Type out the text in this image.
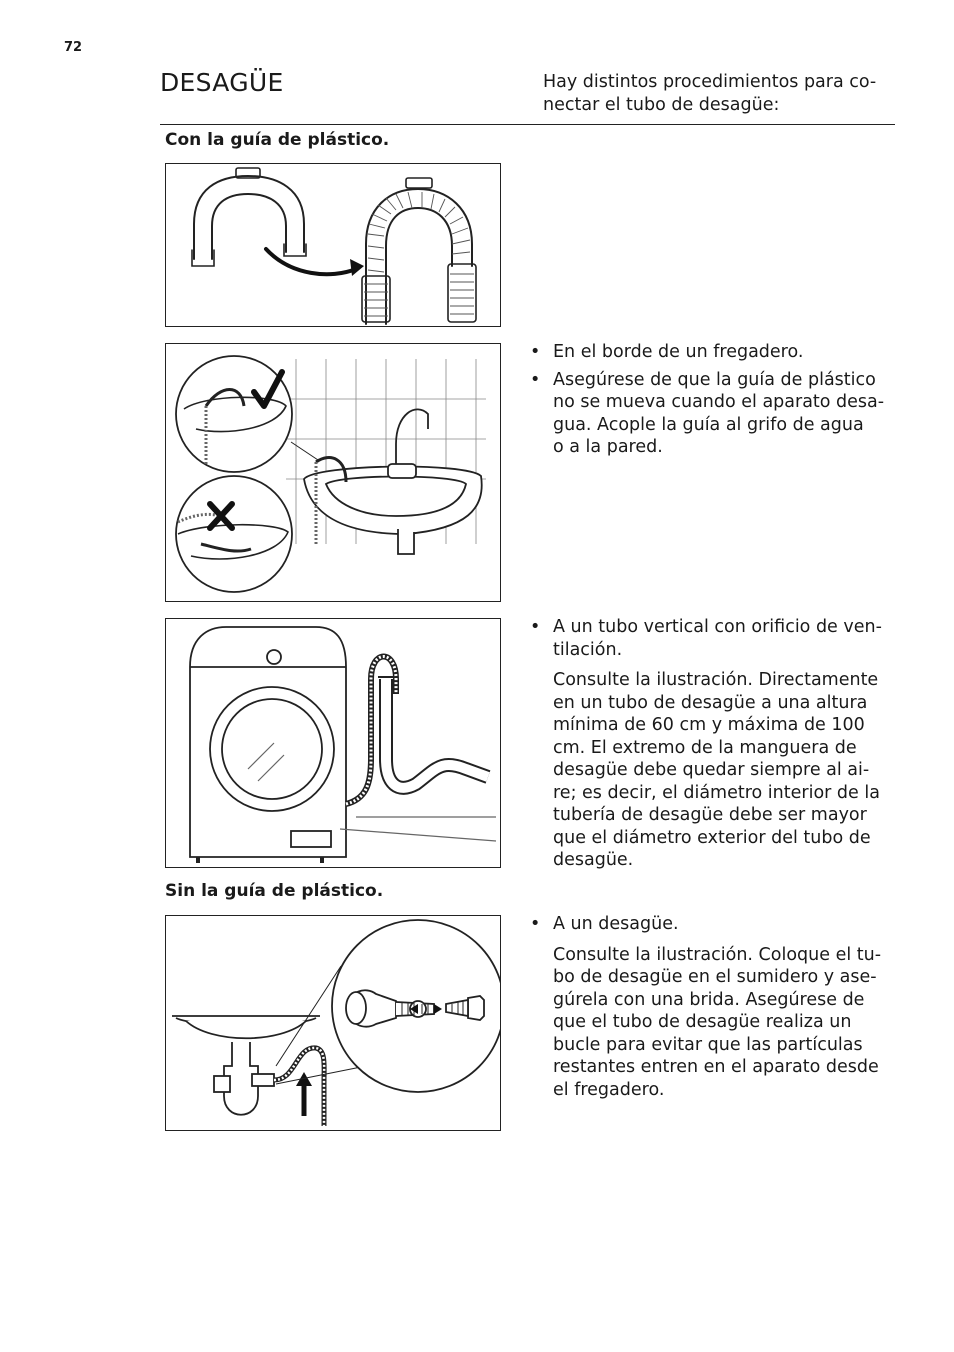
72
DESAGÜE	Hay distintos procedimientos para co-
nectar el tubo de desagüe:
Con la guía de plástico.
Sin la guía de plástico.
• En el borde de un fregadero.
• Asegúrese de que la guía de plástico
no se mueva cuando el aparato desa-
gua. Acople la guía al grifo de agua
o a la pared.
• A un tubo vertical con orificio de ven-
tilación.
Consulte la ilustración. Directamente
en un tubo de desagüe a una altura
mínima de 60 cm y máxima de 100
cm. El extremo de la manguera de
desagüe debe quedar siempre al ai-
re; es decir, el diámetro interior de la
tubería de desagüe debe ser mayor
que el diámetro exterior del tubo de
desagüe.
• A un desagüe.
Consulte la ilustración. Coloque el tu-
bo de desagüe en el sumidero y ase-
gúrela con una brida. Asegúrese de
que el tubo de desagüe realiza un
bucle para evitar que las partículas
restantes entren en el aparato desde
el fregadero.
